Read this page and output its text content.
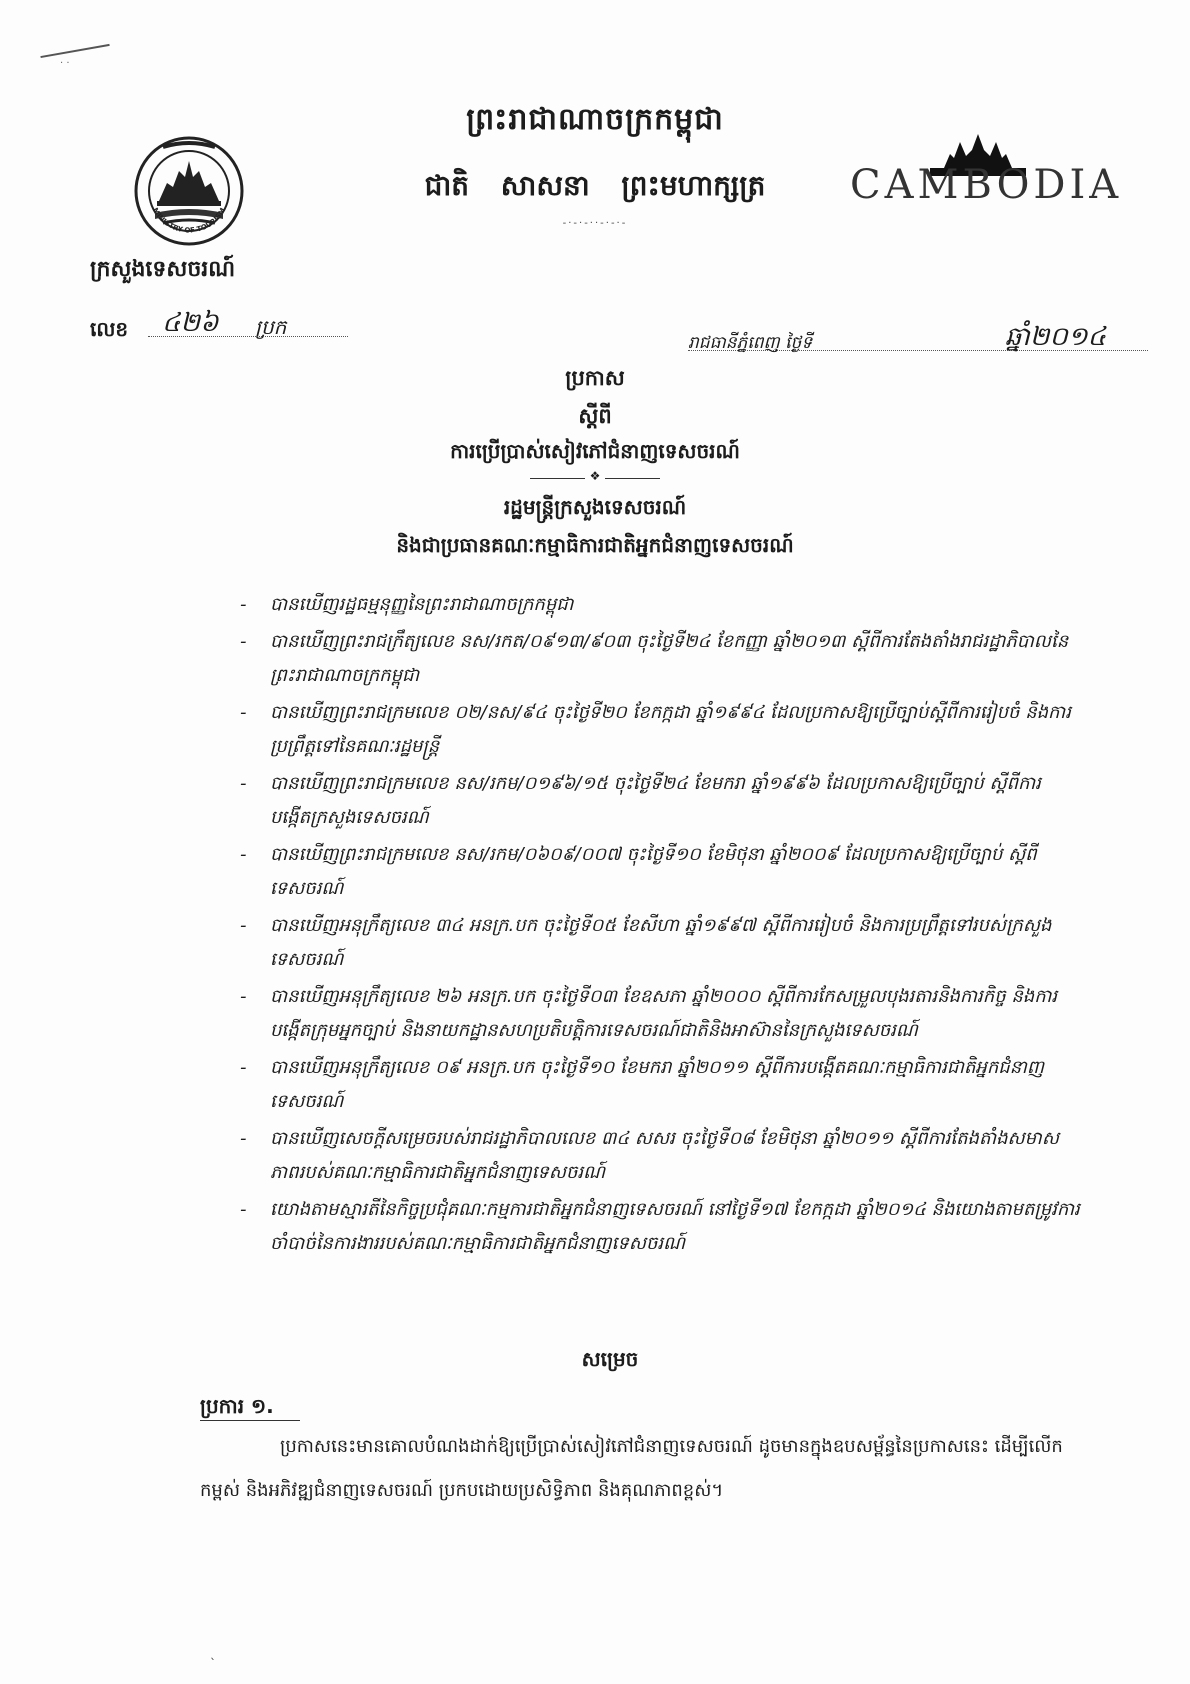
· ·
MINISTRY OF TOURISM
ព្រះរាជាណាចក្រកម្ពុជា
ជាតិ សាសនា ព្រះមហាក្សត្រ
-·-·-··-·-·-
CAMBODIA
ក្រសួងទេសចរណ៍
លេខ ៤២៦ ប្រក
រាជធានីភ្នំពេញ ថ្ងៃទី	ឆ្នាំ២០១៤
ប្រកាស
ស្ដីពី
ការប្រើប្រាស់សៀវភៅជំនាញទេសចរណ៍
❖
រដ្ឋមន្ត្រីក្រសួងទេសចរណ៍
និងជាប្រធានគណៈកម្មាធិការជាតិអ្នកជំនាញទេសចរណ៍
- បានឃើញរដ្ឋធម្មនុញ្ញនៃព្រះរាជាណាចក្រកម្ពុជា
- បានឃើញព្រះរាជក្រឹត្យលេខ នស/រកត/០៩១៣/៩០៣ ចុះថ្ងៃទី២៤ ខែកញ្ញា ឆ្នាំ២០១៣ ស្ដីពីការតែងតាំងរាជរដ្ឋាភិបាលនៃព្រះរាជាណាចក្រកម្ពុជា
- បានឃើញព្រះរាជក្រមលេខ ០២/នស/៩៤ ចុះថ្ងៃទី២០ ខែកក្កដា ឆ្នាំ១៩៩៤ ដែលប្រកាសឱ្យប្រើច្បាប់ស្ដីពីការរៀបចំ និងការប្រព្រឹត្តទៅនៃគណៈរដ្ឋមន្ត្រី
- បានឃើញព្រះរាជក្រមលេខ នស/រកម/០១៩៦/១៥ ចុះថ្ងៃទី២៤ ខែមករា ឆ្នាំ១៩៩៦ ដែលប្រកាសឱ្យប្រើច្បាប់ ស្ដីពីការបង្កើតក្រសួងទេសចរណ៍
- បានឃើញព្រះរាជក្រមលេខ នស/រកម/០៦០៩/០០៧ ចុះថ្ងៃទី១០ ខែមិថុនា ឆ្នាំ២០០៩ ដែលប្រកាសឱ្យប្រើច្បាប់ ស្ដីពីទេសចរណ៍
- បានឃើញអនុក្រឹត្យលេខ ៣៤ អនក្រ.បក ចុះថ្ងៃទី០៥ ខែសីហា ឆ្នាំ១៩៩៧ ស្ដីពីការរៀបចំ និងការប្រព្រឹត្តទៅរបស់ក្រសួងទេសចរណ៍
- បានឃើញអនុក្រឹត្យលេខ ២៦ អនក្រ.បក ចុះថ្ងៃទី០៣ ខែឧសភា ឆ្នាំ២០០០ ស្ដីពីការកែសម្រួលបុងរតារនិងការកិច្ច និងការបង្កើតក្រុមអ្នកច្បាប់ និងនាយកដ្ឋានសហប្រតិបត្តិការទេសចរណ៍ជាតិនិងអាស៊ាននៃក្រសួងទេសចរណ៍
- បានឃើញអនុក្រឹត្យលេខ ០៩ អនក្រ.បក ចុះថ្ងៃទី១០ ខែមករា ឆ្នាំ២០១១ ស្ដីពីការបង្កើតគណៈកម្មាធិការជាតិអ្នកជំនាញទេសចរណ៍
- បានឃើញសេចក្ដីសម្រេចរបស់រាជរដ្ឋាភិបាលលេខ ៣៤ សសរ ចុះថ្ងៃទី០៨ ខែមិថុនា ឆ្នាំ២០១១ ស្ដីពីការតែងតាំងសមាសភាពរបស់គណៈកម្មាធិការជាតិអ្នកជំនាញទេសចរណ៍
- យោងតាមស្មារតីនៃកិច្ចប្រជុំគណៈកម្មការជាតិអ្នកជំនាញទេសចរណ៍ នៅថ្ងៃទី១៧ ខែកក្កដា ឆ្នាំ២០១៤ និងយោងតាមតម្រូវការចាំបាច់នៃការងាររបស់គណៈកម្មាធិការជាតិអ្នកជំនាញទេសចរណ៍
សម្រេច
ប្រការ ១.
ប្រកាសនេះមានគោលបំណងដាក់ឱ្យប្រើប្រាស់សៀវភៅជំនាញទេសចរណ៍ ដូចមានក្នុងឧបសម្ព័ន្ធនៃប្រកាសនេះ ដើម្បីលើកកម្ពស់ និងអភិវឌ្ឍជំនាញទេសចរណ៍ ប្រកបដោយប្រសិទ្ធិភាព និងគុណភាពខ្ពស់។
ˎ
